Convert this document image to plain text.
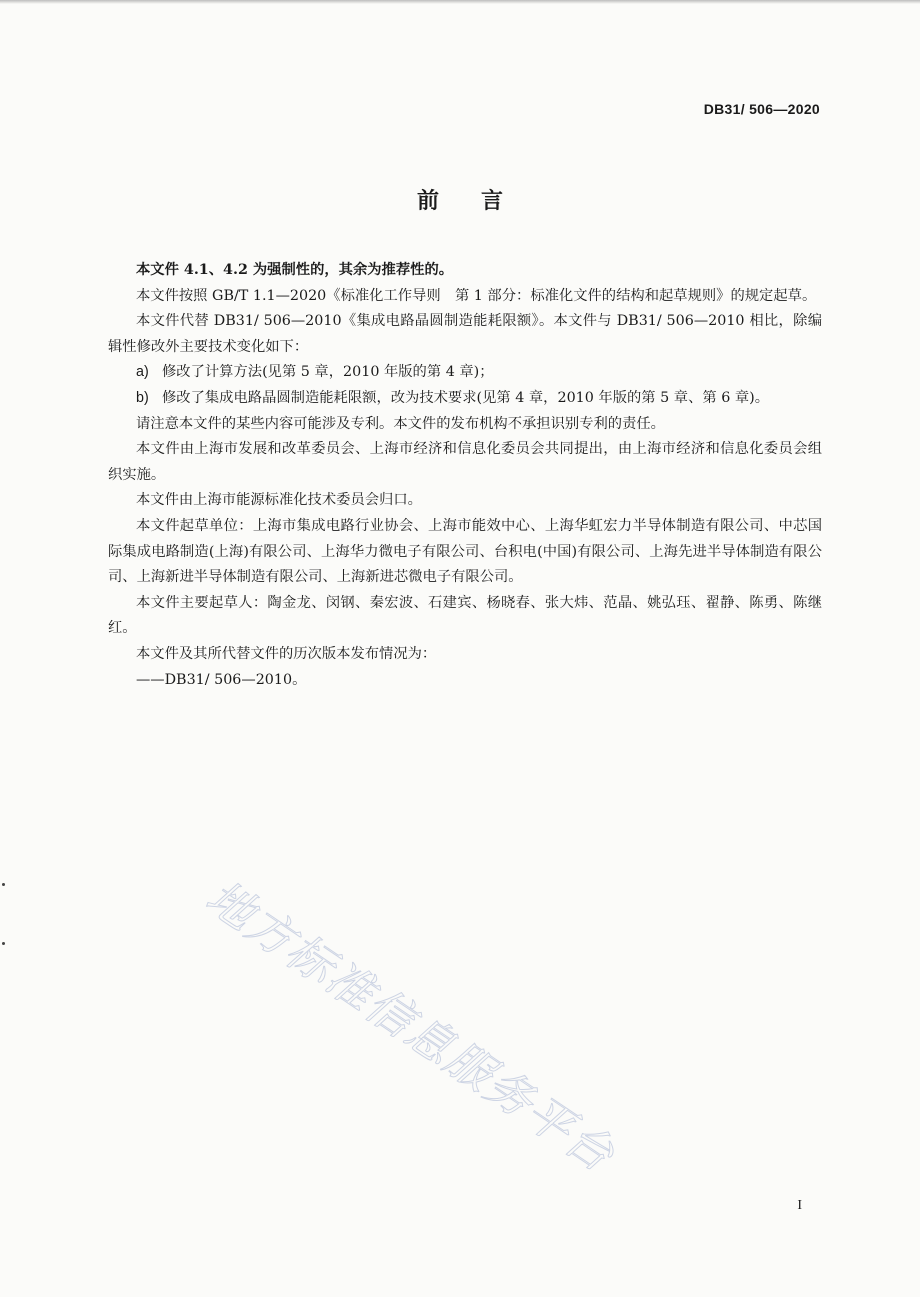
DB31/ 506—2020
前言

本文件 4.1、4.2 为强制性的，其余为推荐性的。

本文件按照 GB/T 1.1—2020《标准化工作导则　第 1 部分：标准化文件的结构和起草规则》的规定起草。

本文件代替 DB31/ 506—2010《集成电路晶圆制造能耗限额》。本文件与 DB31/ 506—2010 相比，除编辑性修改外主要技术变化如下：

a) 修改了计算方法(见第 5 章，2010 年版的第 4 章)；

b) 修改了集成电路晶圆制造能耗限额，改为技术要求(见第 4 章，2010 年版的第 5 章、第 6 章)。

请注意本文件的某些内容可能涉及专利。本文件的发布机构不承担识别专利的责任。

本文件由上海市发展和改革委员会、上海市经济和信息化委员会共同提出，由上海市经济和信息化委员会组织实施。

本文件由上海市能源标准化技术委员会归口。

本文件起草单位：上海市集成电路行业协会、上海市能效中心、上海华虹宏力半导体制造有限公司、中芯国际集成电路制造(上海)有限公司、上海华力微电子有限公司、台积电(中国)有限公司、上海先进半导体制造有限公司、上海新进半导体制造有限公司、上海新进芯微电子有限公司。

本文件主要起草人：陶金龙、闵钢、秦宏波、石建宾、杨晓春、张大炜、范晶、姚弘珏、翟静、陈勇、陈继红。

本文件及其所代替文件的历次版本发布情况为：

——DB31/ 506—2010。

地方标准信息服务平台
I
